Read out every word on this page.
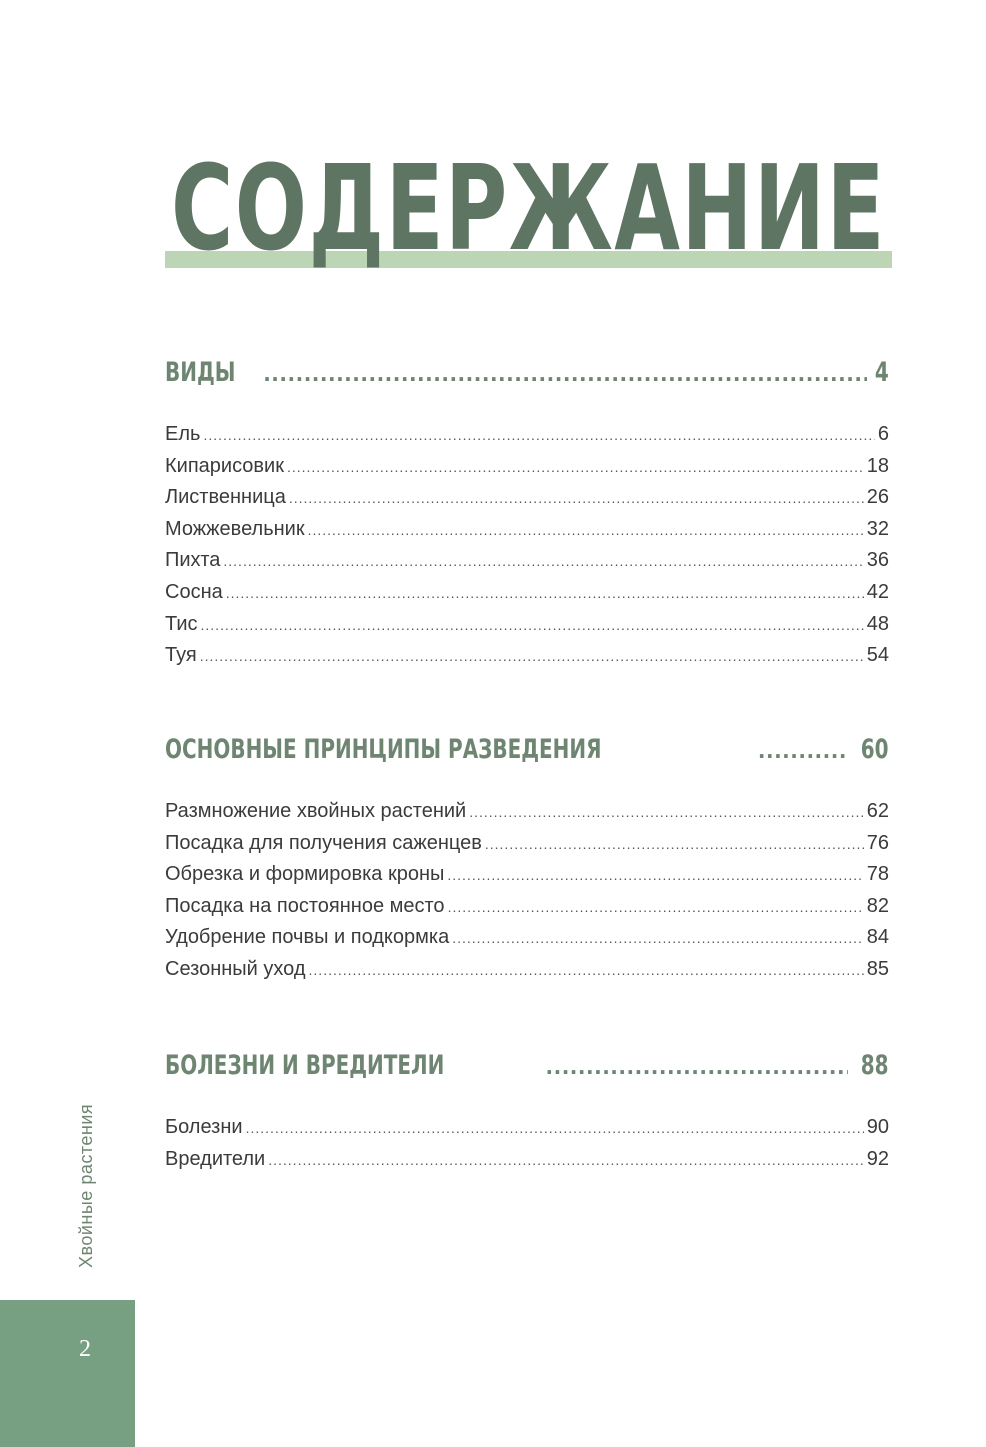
СОДЕРЖАНИЕ
ВИДЫ .....	4
Ель .....	6
Кипарисовик .....	18
Лиственница .....	26
Можжевельник .....	32
Пихта .....	36
Сосна .....	42
Тис .....	48
Туя .....	54
ОСНОВНЫЕ ПРИНЦИПЫ РАЗВЕДЕНИЯ .....	60
Размножение хвойных растений .....	62
Посадка для получения саженцев .....	76
Обрезка и формировка кроны .....	78
Посадка на постоянное место .....	82
Удобрение почвы и подкормка .....	84
Сезонный уход .....	85
БОЛЕЗНИ И ВРЕДИТЕЛИ .....	88
Болезни .....	90
Вредители .....	92
Хвойные растения
2
